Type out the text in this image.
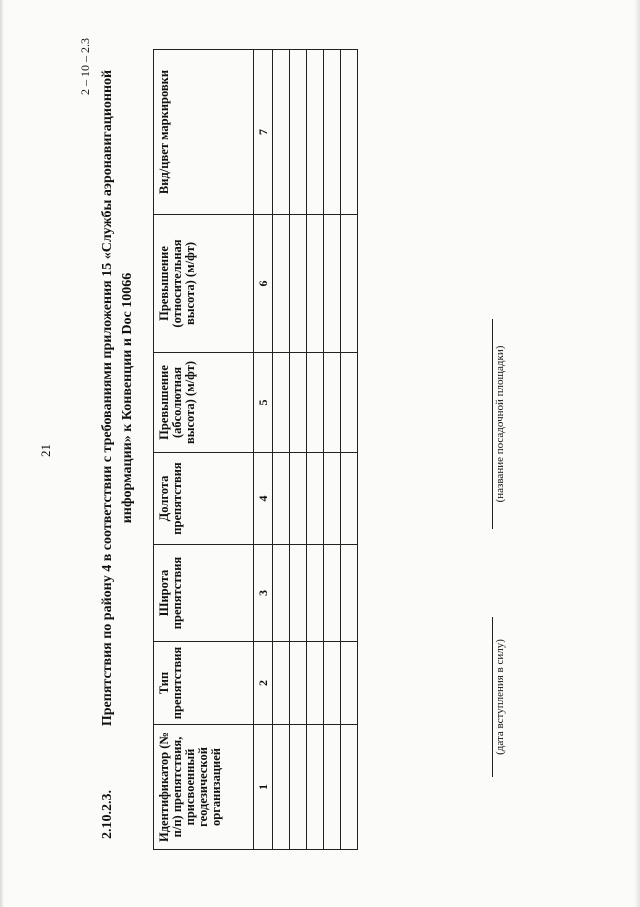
21
2 – 10 – 2.3
2.10.2.3.
Препятствия по району 4 в соответствии с требованиями приложения 15 «Службы аэронавигационной информации» к Конвенции и Doc 10066
Идентификатор (№ п/п) препятствия, присвоенный геодезической организацией	Тип препятствия	Широта препятствия	Долгота препятствия	Превышение (абсолютная высота) (м/фт)	Превышение (относительная высота) (м/фт)	Вид/цвет маркировки
1	2	3	4	5	6	7

(название посадочной площадки)
(дата вступления в силу)
